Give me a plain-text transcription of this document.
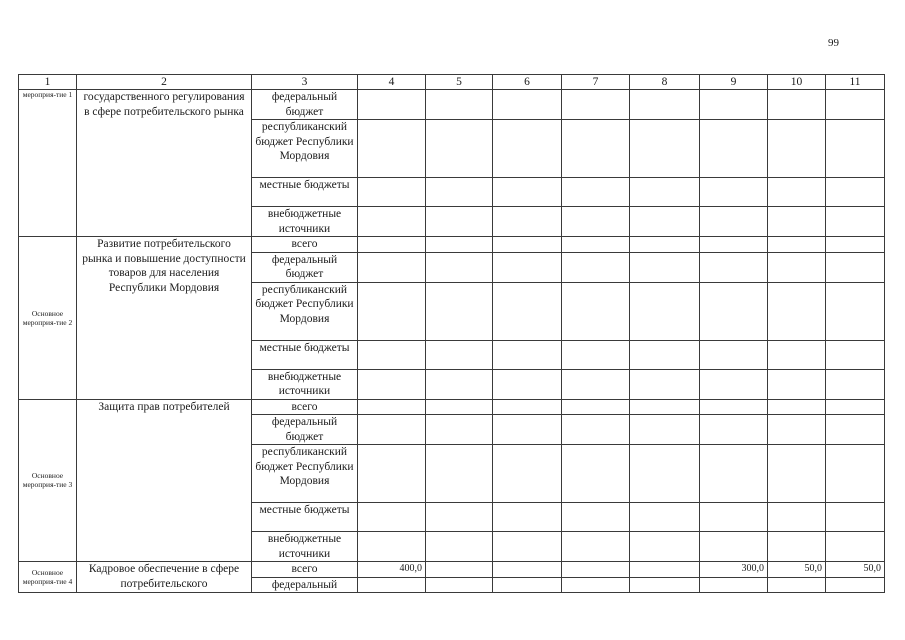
99
1	2	3	4	5	6	7	8	9	10	11
мероприя-тие 1	государственного регулирования в сфере потребительского рынка	федеральный бюджет								
		республиканский бюджет Республики Мордовия								
		местные бюджеты								
		внебюджетные источники								
Основное мероприя-тие 2	Развитие потребительского рынка и повышение доступности товаров для населения Республики Мордовия	всего								
		федеральный бюджет								
		республиканский бюджет Республики Мордовия								
		местные бюджеты								
		внебюджетные источники								
Основное мероприя-тие 3	Защита прав потребителей	всего								
		федеральный бюджет								
		республиканский бюджет Республики Мордовия								
		местные бюджеты								
		внебюджетные источники								
Основное мероприя-тие 4	Кадровое обеспечение в сфере потребительского	всего	400,0					300,0	50,0	50,0
		федеральный								
